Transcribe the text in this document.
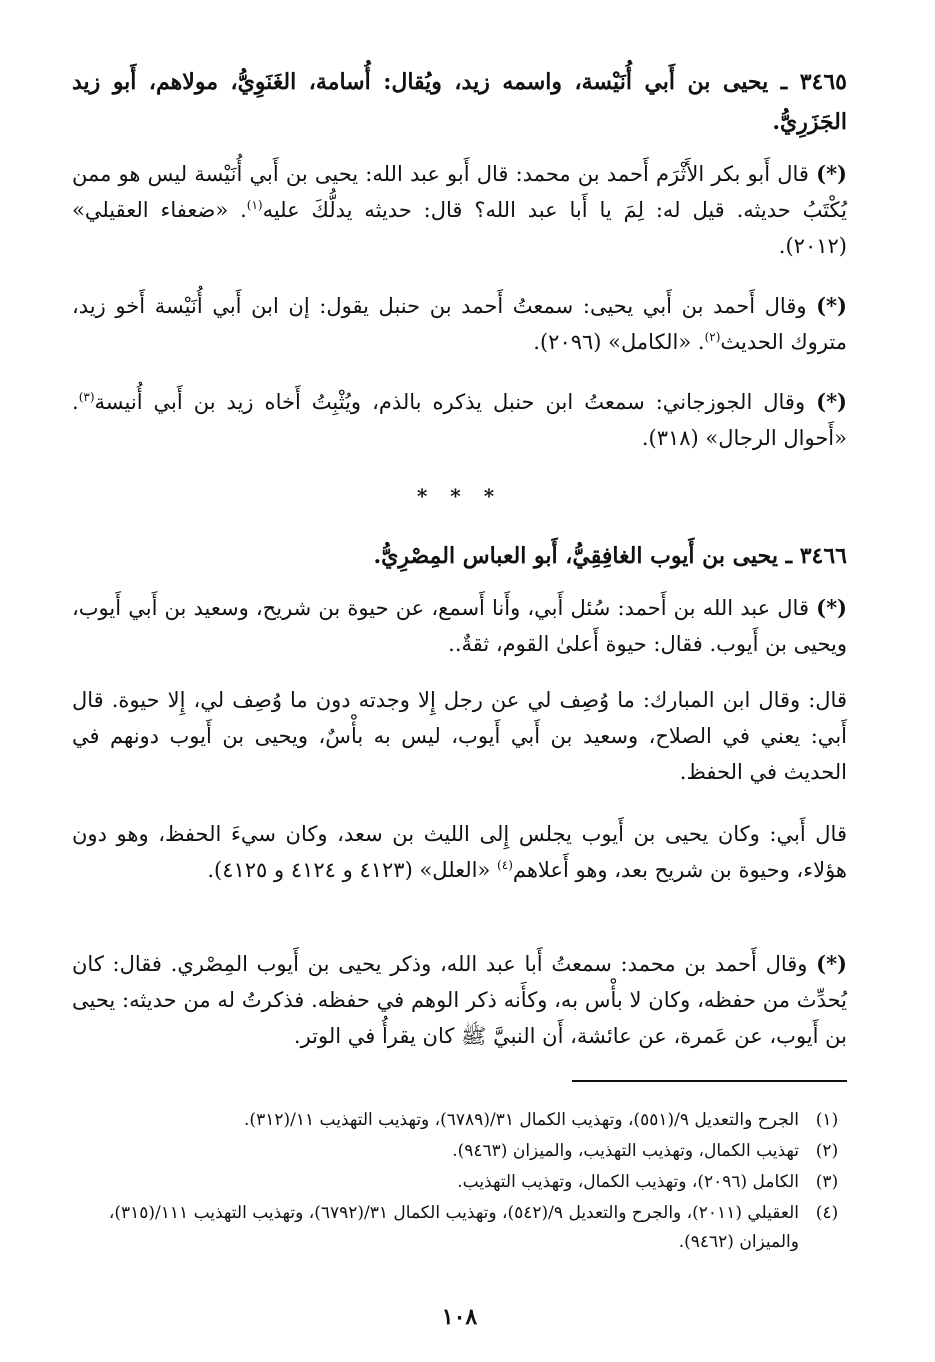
٣٤٦٥ ـ يحيى بن أَبي أُنَيْسة، واسمه زيد، ويُقال: أُسامة، الغَنَوِيُّ، مولاهم، أَبو زيد الجَزَرِيُّ.

(*) قال أَبو بكر الأَثْرَم أَحمد بن محمد: قال أَبو عبد الله: يحيى بن أَبي أُنَيْسة ليس هو ممن يُكْتَبُ حديثه. قيل له: لِمَ يا أَبا عبد الله؟ قال: حديثه يدلُّكَ عليه$^{(١)}$. «ضعفاء العقيلي» (٢٠١٢).

(*) وقال أَحمد بن أَبي يحيى: سمعتُ أَحمد بن حنبل يقول: إن ابن أَبي أُنَيْسة أَخو زيد، متروك الحديث$^{(٢)}$. «الكامل» (٢٠٩٦).

(*) وقال الجوزجاني: سمعتُ ابن حنبل يذكره بالذم، ويُثْبِتُ أَخاه زيد بن أَبي أُنيسة$^{(٣)}$. «أَحوال الرجال» (٣١٨).

* * *

٣٤٦٦ ـ يحيى بن أَيوب الغافِقِيُّ، أَبو العباس المِصْرِيُّ.

(*) قال عبد الله بن أَحمد: سُئل أَبي، وأَنا أَسمع، عن حيوة بن شريح، وسعيد بن أَبي أَيوب، ويحيى بن أَيوب. فقال: حيوة أَعلىٰ القوم، ثقةٌ..

قال: وقال ابن المبارك: ما وُصِف لي عن رجل إِلا وجدته دون ما وُصِف لي، إِلا حيوة. قال أَبي: يعني في الصلاح، وسعيد بن أَبي أَيوب، ليس به بأْسٌ، ويحيى بن أَيوب دونهم في الحديث في الحفظ.

قال أَبي: وكان يحيى بن أَيوب يجلس إِلى الليث بن سعد، وكان سيءَ الحفظ، وهو دون هؤلاء، وحيوة بن شريح بعد، وهو أَعلاهم$^{(٤)}$ «العلل» (٤١٢٣ و ٤١٢٤ و ٤١٢٥).

(*) وقال أَحمد بن محمد: سمعتُ أَبا عبد الله، وذكر يحيى بن أَيوب المِصْري. فقال: كان يُحدِّث من حفظه، وكان لا بأْس به، وكأَنه ذكر الوهم في حفظه. فذكرتُ له من حديثه: يحيى بن أَيوب، عن عَمرة، عن عائشة، أَن النبيَّ ﷺ كان يقرأُ في الوتر.

(١)
الجرح والتعديل ٩/(٥٥١)، وتهذيب الكمال ٣١/(٦٧٨٩)، وتهذيب التهذيب ١١/(٣١٢).
(٢)
تهذيب الكمال، وتهذيب التهذيب، والميزان (٩٤٦٣).
(٣)
الكامل (٢٠٩٦)، وتهذيب الكمال، وتهذيب التهذيب.
(٤)
العقيلي (٢٠١١)، والجرح والتعديل ٩/(٥٤٢)، وتهذيب الكمال ٣١/(٦٧٩٢)، وتهذيب التهذيب ١١١/(٣١٥)، والميزان (٩٤٦٢).
١٠٨
